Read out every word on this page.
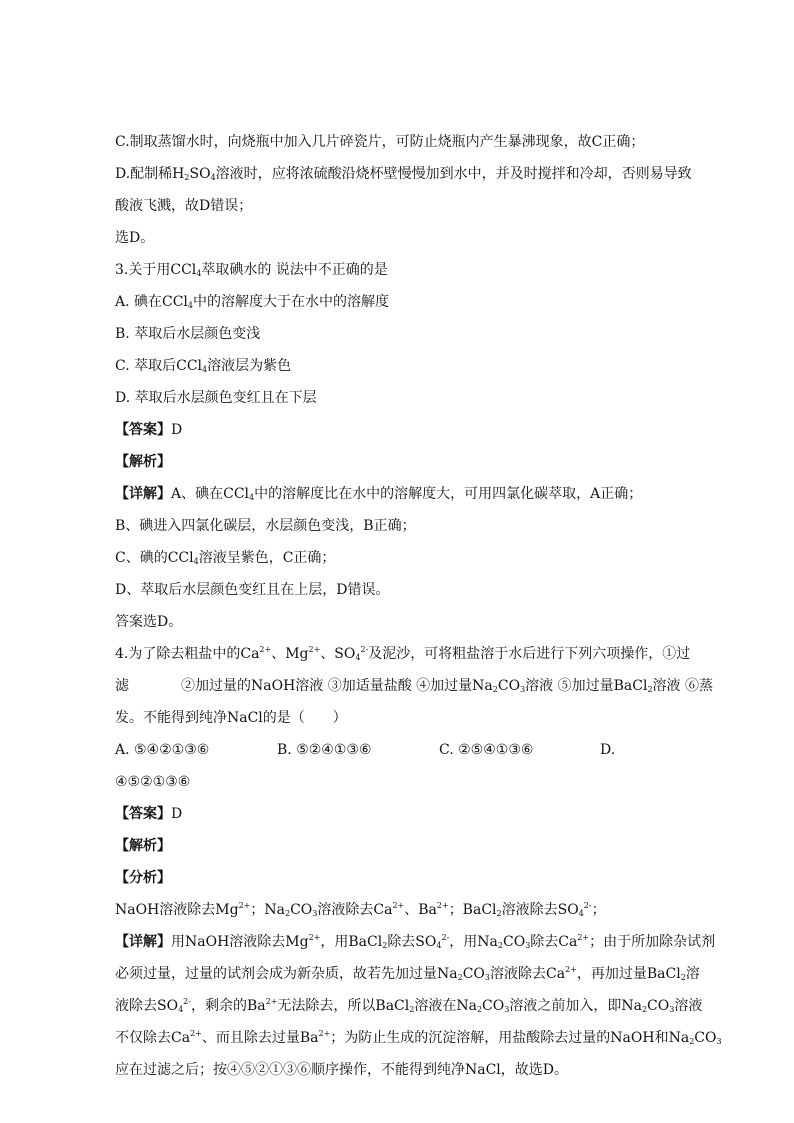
C.制取蒸馏水时，向烧瓶中加入几片碎瓷片，可防止烧瓶内产生暴沸现象，故C正确；
D.配制稀$H_2SO_4$溶液时，应将浓硫酸沿烧杯壁慢慢加到水中，并及时搅拌和冷却，否则易导致
酸液飞溅，故D错误；
选D。
3.关于用CCl$_4$萃取碘水的 说法中不正确的是
A. 碘在CCl$_4$中的溶解度大于在水中的溶解度
B. 萃取后水层颜色变浅
C. 萃取后CCl$_4$溶液层为紫色
D. 萃取后水层颜色变红且在下层
【答案】D
【解析】
【详解】A、碘在CCl$_4$中的溶解度比在水中的溶解度大，可用四氯化碳萃取，A正确；
B、碘进入四氯化碳层，水层颜色变浅，B正确；
C、碘的CCl$_4$溶液呈紫色，C正确；
D、萃取后水层颜色变红且在上层，D错误。
答案选D。
4.为了除去粗盐中的$Ca^{2+}$、$Mg^{2+}$、$SO_4^{2-}$及泥沙，可将粗盐溶于水后进行下列六项操作，①过
滤	②加过量的NaOH溶液 ③加适量盐酸 ④加过量$Na_2CO_3$溶液 ⑤加过量BaCl$_2$溶液 ⑥蒸
发。不能得到纯净NaCl的是（　　）
A. ⑤④②①③⑥	B. ⑤②④①③⑥	C. ②⑤④①③⑥	D.
④⑤②①③⑥
【答案】D
【解析】
【分析】
NaOH溶液除去$Mg^{2+}$；$Na_2CO_3$溶液除去$Ca^{2+}$、$Ba^{2+}$；BaCl$_2$溶液除去$SO_4^{2-}$；
【详解】用NaOH溶液除去$Mg^{2+}$，用BaCl$_2$除去$SO_4^{2-}$，用$Na_2CO_3$除去$Ca^{2+}$；由于所加除杂试剂
必须过量，过量的试剂会成为新杂质，故若先加过量$Na_2CO_3$溶液除去$Ca^{2+}$，再加过量BaCl$_2$溶
液除去$SO_4^{2-}$，剩余的$Ba^{2+}$无法除去，所以BaCl$_2$溶液在$Na_2CO_3$溶液之前加入，即$Na_2CO_3$溶液
不仅除去$Ca^{2+}$、而且除去过量$Ba^{2+}$；为防止生成的沉淀溶解，用盐酸除去过量的NaOH和$Na_2CO_3$
应在过滤之后；按④⑤②①③⑥顺序操作，不能得到纯净NaCl，故选D。
